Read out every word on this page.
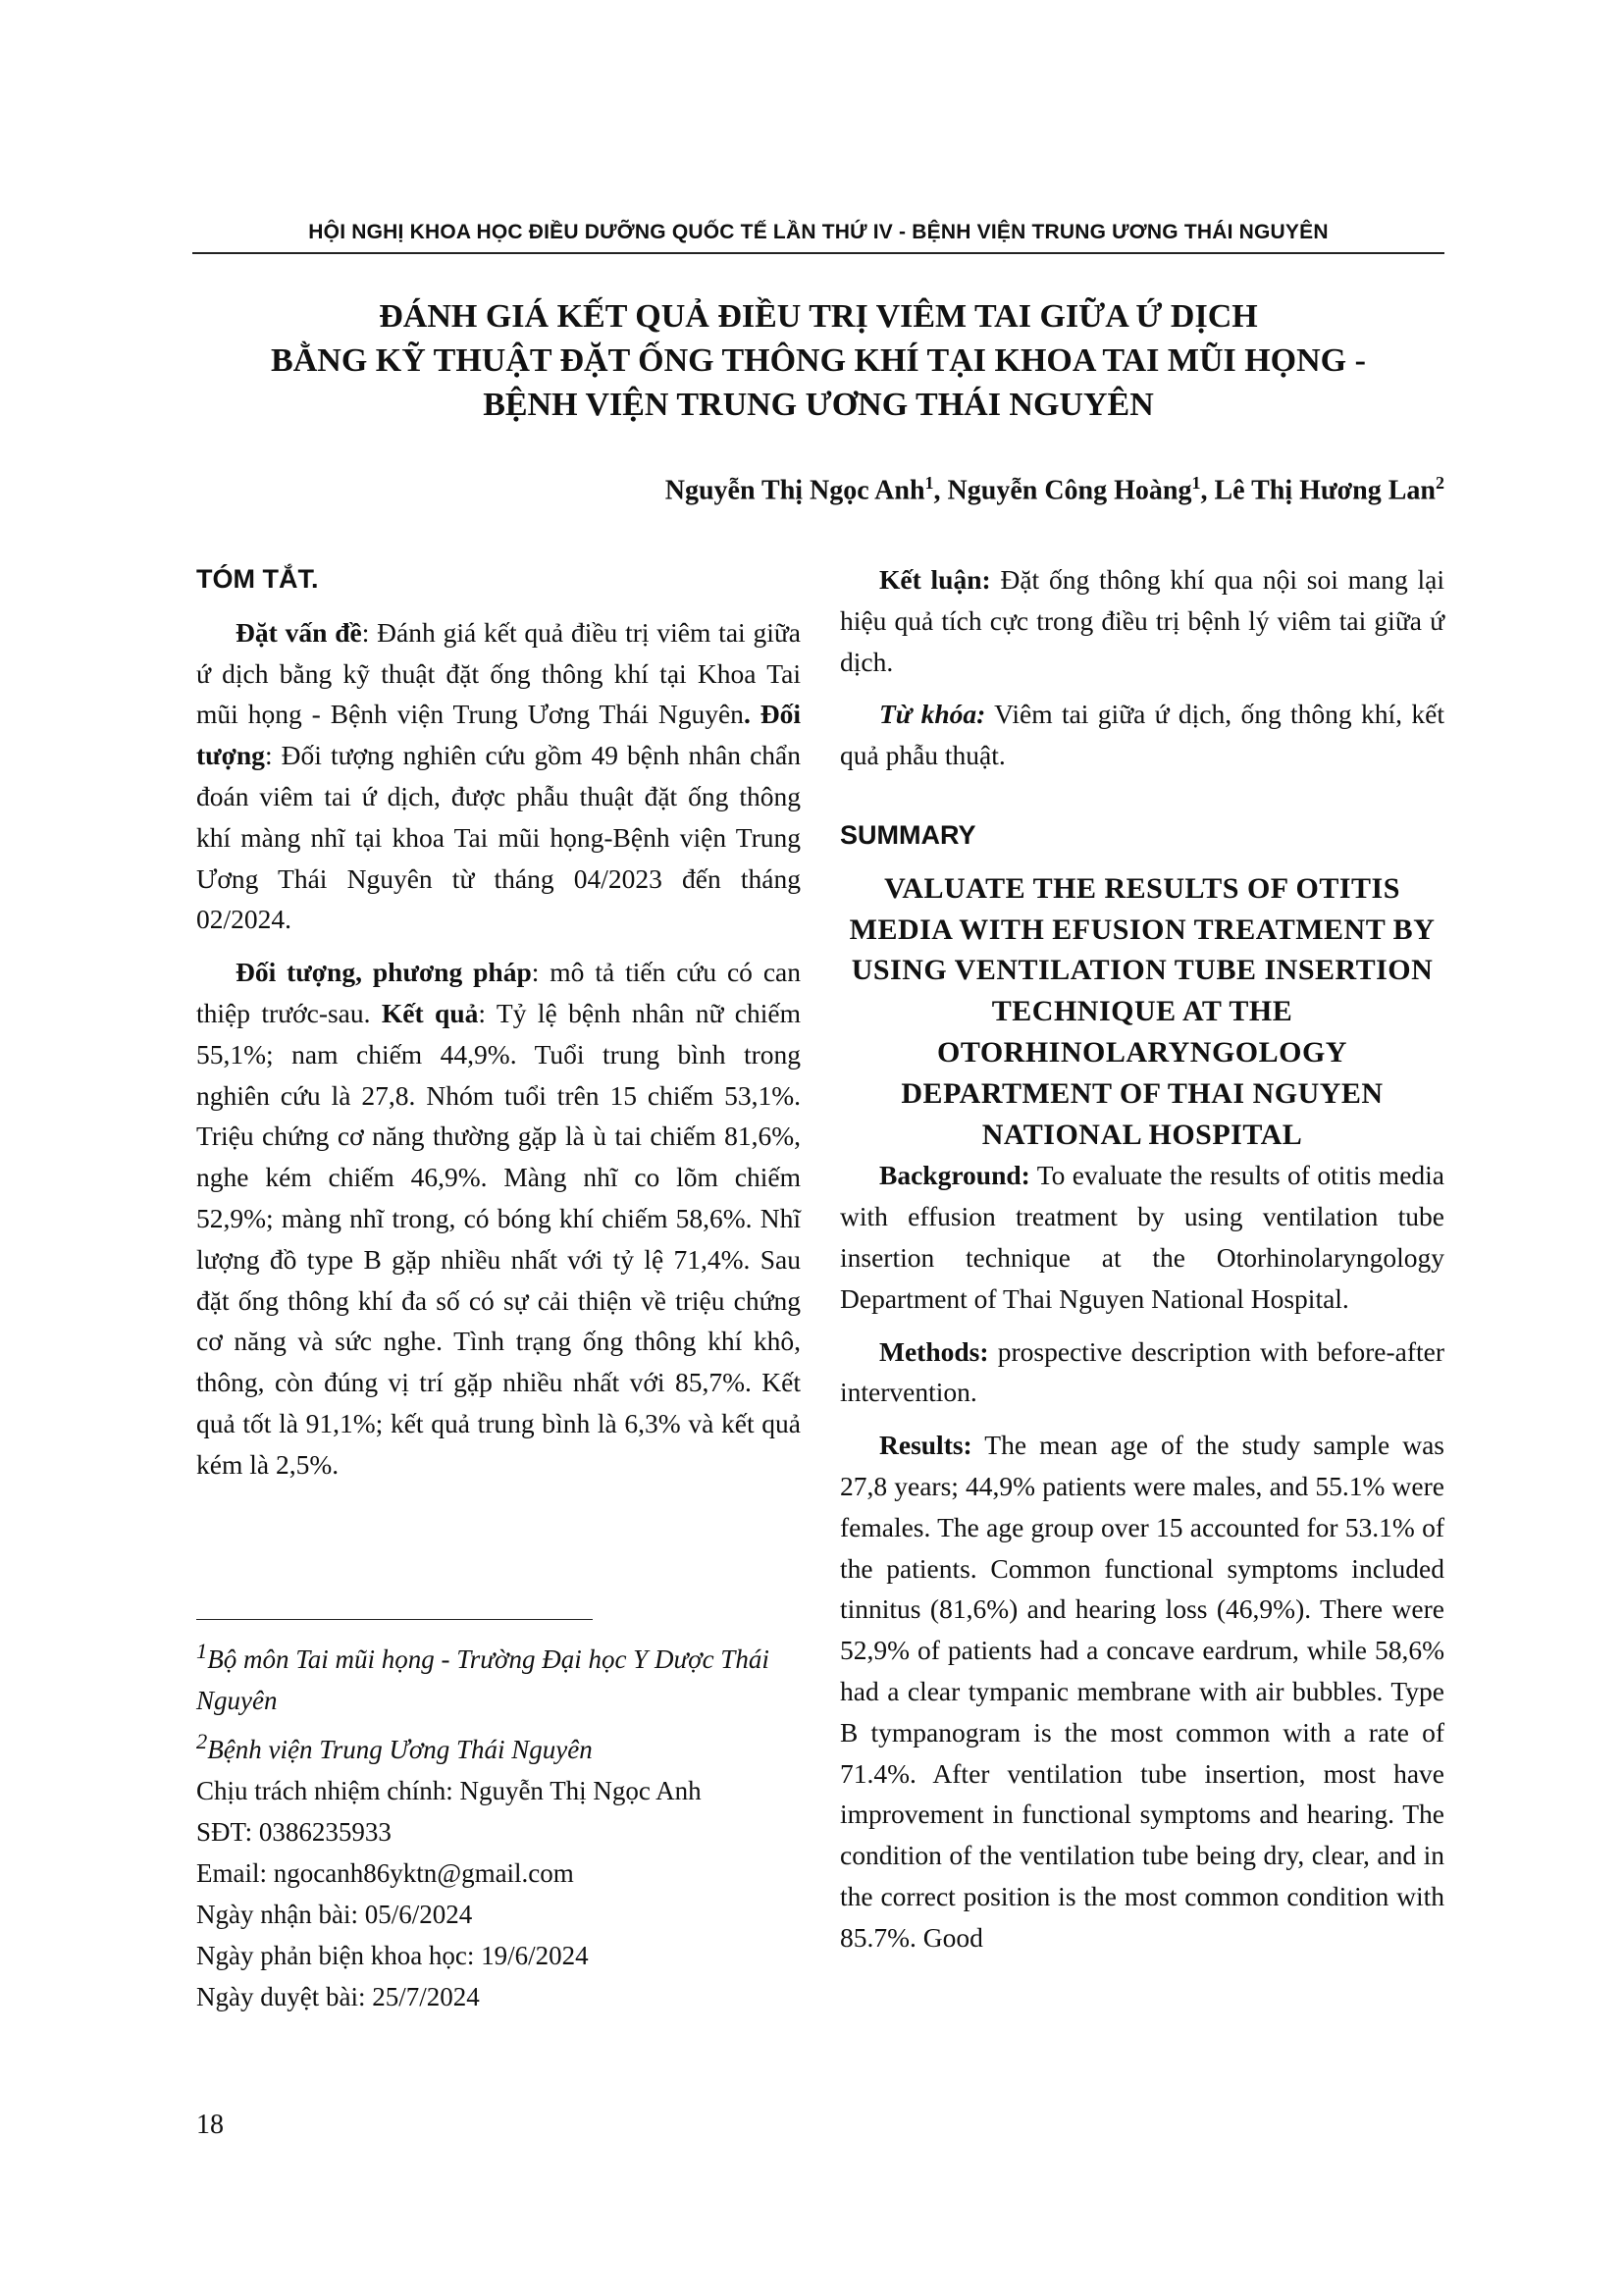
HỘI NGHỊ KHOA HỌC ĐIỀU DƯỠNG QUỐC TẾ LẦN THỨ IV - BỆNH VIỆN TRUNG ƯƠNG THÁI NGUYÊN
ĐÁNH GIÁ KẾT QUẢ ĐIỀU TRỊ VIÊM TAI GIỮA Ứ DỊCH
BẰNG KỸ THUẬT ĐẶT ỐNG THÔNG KHÍ TẠI KHOA TAI MŨI HỌNG -
BỆNH VIỆN TRUNG ƯƠNG THÁI NGUYÊN
Nguyễn Thị Ngọc Anh$^1$, Nguyễn Công Hoàng$^1$, Lê Thị Hương Lan$^2$

TÓM TẮT.

Đặt vấn đề: Đánh giá kết quả điều trị viêm tai giữa ứ dịch bằng kỹ thuật đặt ống thông khí tại Khoa Tai mũi họng - Bệnh viện Trung Ương Thái Nguyên. Đối tượng: Đối tượng nghiên cứu gồm 49 bệnh nhân chẩn đoán viêm tai ứ dịch, được phẫu thuật đặt ống thông khí màng nhĩ tại khoa Tai mũi họng-Bệnh viện Trung Ương Thái Nguyên từ tháng 04/2023 đến tháng 02/2024.

Đối tượng, phương pháp: mô tả tiến cứu có can thiệp trước-sau. Kết quả: Tỷ lệ bệnh nhân nữ chiếm 55,1%; nam chiếm 44,9%. Tuổi trung bình trong nghiên cứu là 27,8. Nhóm tuổi trên 15 chiếm 53,1%. Triệu chứng cơ năng thường gặp là ù tai chiếm 81,6%, nghe kém chiếm 46,9%. Màng nhĩ co lõm chiếm 52,9%; màng nhĩ trong, có bóng khí chiếm 58,6%. Nhĩ lượng đồ type B gặp nhiều nhất với tỷ lệ 71,4%. Sau đặt ống thông khí đa số có sự cải thiện về triệu chứng cơ năng và sức nghe. Tình trạng ống thông khí khô, thông, còn đúng vị trí gặp nhiều nhất với 85,7%. Kết quả tốt là 91,1%; kết quả trung bình là 6,3% và kết quả kém là 2,5%.

$^1$Bộ môn Tai mũi họng - Trường Đại học Y Dược Thái Nguyên
$^2$Bệnh viện Trung Ương Thái Nguyên
Chịu trách nhiệm chính: Nguyễn Thị Ngọc Anh
SĐT: 0386235933
Email: ngocanh86yktn@gmail.com
Ngày nhận bài: 05/6/2024
Ngày phản biện khoa học: 19/6/2024
Ngày duyệt bài: 25/7/2024

Kết luận: Đặt ống thông khí qua nội soi mang lại hiệu quả tích cực trong điều trị bệnh lý viêm tai giữa ứ dịch.

Từ khóa: Viêm tai giữa ứ dịch, ống thông khí, kết quả phẫu thuật.

SUMMARY

VALUATE THE RESULTS OF OTITIS MEDIA WITH EFUSION TREATMENT BY USING VENTILATION TUBE INSERTION TECHNIQUE AT THE OTORHINOLARYNGOLOGY DEPARTMENT OF THAI NGUYEN NATIONAL HOSPITAL

Background: To evaluate the results of otitis media with effusion treatment by using ventilation tube insertion technique at the Otorhinolaryngology Department of Thai Nguyen National Hospital.

Methods: prospective description with before-after intervention.

Results: The mean age of the study sample was 27,8 years; 44,9% patients were males, and 55.1% were females. The age group over 15 accounted for 53.1% of the patients. Common functional symptoms included tinnitus (81,6%) and hearing loss (46,9%). There were 52,9% of patients had a concave eardrum, while 58,6% had a clear tympanic membrane with air bubbles. Type B tympanogram is the most common with a rate of 71.4%. After ventilation tube insertion, most have improvement in functional symptoms and hearing. The condition of the ventilation tube being dry, clear, and in the correct position is the most common condition with 85.7%. Good

18
